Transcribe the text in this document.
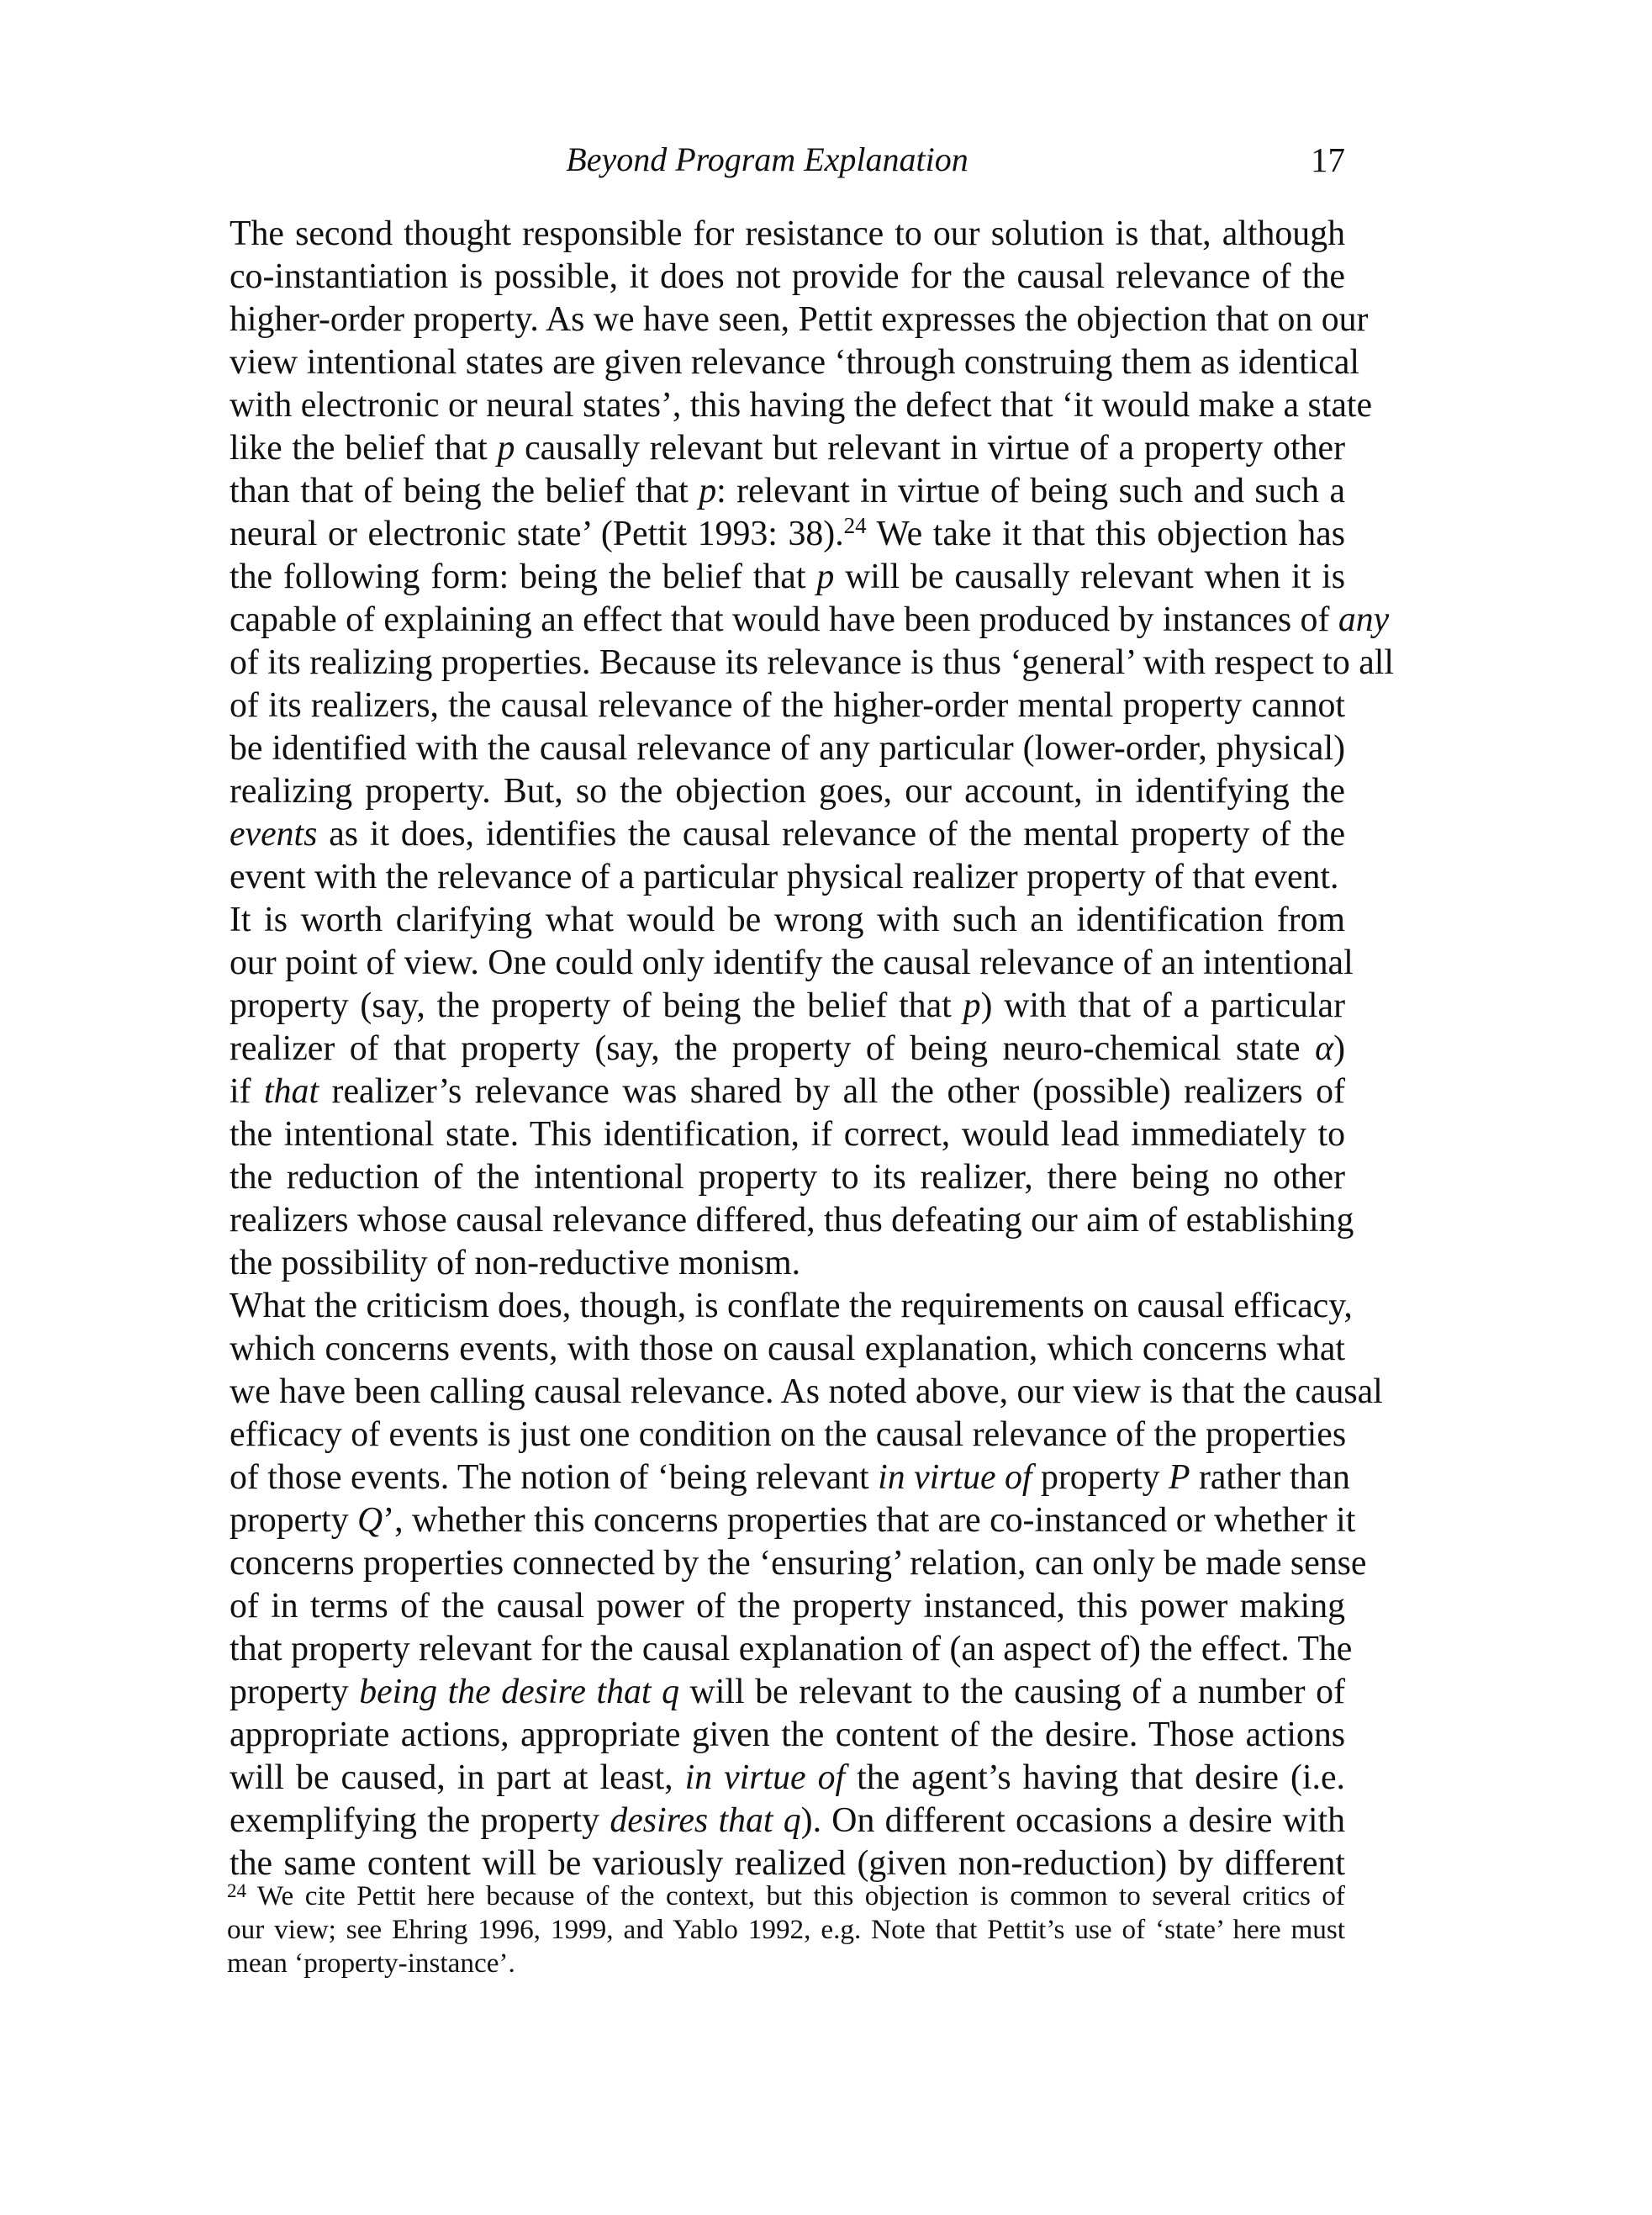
Beyond Program Explanation	17

The second thought responsible for resistance to our solution is that, although
co-instantiation is possible, it does not provide for the causal relevance of the
higher-order property. As we have seen, Pettit expresses the objection that on our
view intentional states are given relevance ‘through construing them as identical
with electronic or neural states’, this having the defect that ‘it would make a state
like the belief that p causally relevant but relevant in virtue of a property other
than that of being the belief that p: relevant in virtue of being such and such a
neural or electronic state’ (Pettit 1993: 38).$^{24}$ We take it that this objection has
the following form: being the belief that p will be causally relevant when it is
capable of explaining an effect that would have been produced by instances of any
of its realizing properties. Because its relevance is thus ‘general’ with respect to all
of its realizers, the causal relevance of the higher-order mental property cannot
be identified with the causal relevance of any particular (lower-order, physical)
realizing property. But, so the objection goes, our account, in identifying the
events as it does, identifies the causal relevance of the mental property of the
event with the relevance of a particular physical realizer property of that event.

It is worth clarifying what would be wrong with such an identification from
our point of view. One could only identify the causal relevance of an intentional
property (say, the property of being the belief that p) with that of a particular
realizer of that property (say, the property of being neuro-chemical state α)
if that realizer’s relevance was shared by all the other (possible) realizers of
the intentional state. This identification, if correct, would lead immediately to
the reduction of the intentional property to its realizer, there being no other
realizers whose causal relevance differed, thus defeating our aim of establishing
the possibility of non-reductive monism.

What the criticism does, though, is conflate the requirements on causal efficacy,
which concerns events, with those on causal explanation, which concerns what
we have been calling causal relevance. As noted above, our view is that the causal
efficacy of events is just one condition on the causal relevance of the properties
of those events. The notion of ‘being relevant in virtue of property P rather than
property Q’, whether this concerns properties that are co-instanced or whether it
concerns properties connected by the ‘ensuring’ relation, can only be made sense
of in terms of the causal power of the property instanced, this power making
that property relevant for the causal explanation of (an aspect of) the effect. The
property being the desire that q will be relevant to the causing of a number of
appropriate actions, appropriate given the content of the desire. Those actions
will be caused, in part at least, in virtue of the agent’s having that desire (i.e.
exemplifying the property desires that q). On different occasions a desire with
the same content will be variously realized (given non-reduction) by different

$^{24}$ We cite Pettit here because of the context, but this objection is common to several critics of
our view; see Ehring 1996, 1999, and Yablo 1992, e.g. Note that Pettit’s use of ‘state’ here must
mean ‘property-instance’.
